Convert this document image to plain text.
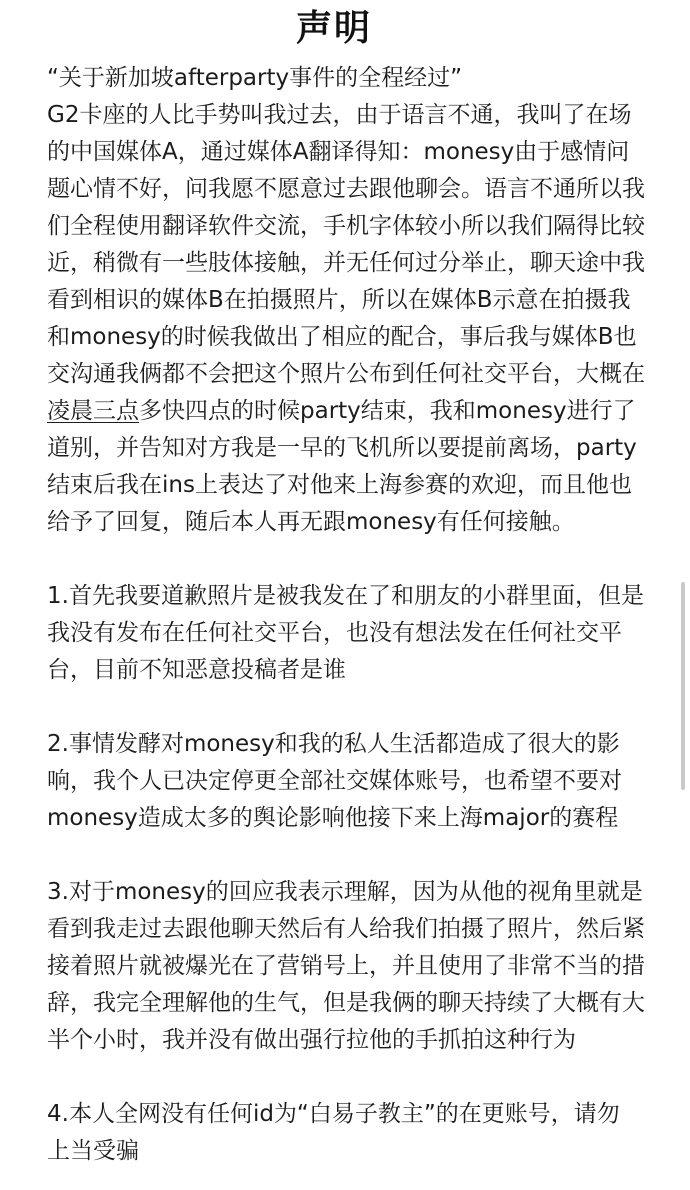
声明
“关于新加坡afterparty事件的全程经过”
G2卡座的人比手势叫我过去，由于语言不通，我叫了在场
的中国媒体A，通过媒体A翻译得知：monesy由于感情问
题心情不好，问我愿不愿意过去跟他聊会。语言不通所以我
们全程使用翻译软件交流，手机字体较小所以我们隔得比较
近，稍微有一些肢体接触，并无任何过分举止，聊天途中我
看到相识的媒体B在拍摄照片，所以在媒体B示意在拍摄我
和monesy的时候我做出了相应的配合，事后我与媒体B也
交沟通我俩都不会把这个照片公布到任何社交平台，大概在
凌晨三点多快四点的时候party结束，我和monesy进行了
道别，并告知对方我是一早的飞机所以要提前离场，party
结束后我在ins上表达了对他来上海参赛的欢迎，而且他也
给予了回复，随后本人再无跟monesy有任何接触。
1.首先我要道歉照片是被我发在了和朋友的小群里面，但是
我没有发布在任何社交平台，也没有想法发在任何社交平
台，目前不知恶意投稿者是谁
2.事情发酵对monesy和我的私人生活都造成了很大的影
响，我个人已决定停更全部社交媒体账号，也希望不要对
monesy造成太多的舆论影响他接下来上海major的赛程
3.对于monesy的回应我表示理解，因为从他的视角里就是
看到我走过去跟他聊天然后有人给我们拍摄了照片，然后紧
接着照片就被爆光在了营销号上，并且使用了非常不当的措
辞，我完全理解他的生气，但是我俩的聊天持续了大概有大
半个小时，我并没有做出强行拉他的手抓拍这种行为
4.本人全网没有任何id为“白易子教主”的在更账号，请勿
上当受骗
